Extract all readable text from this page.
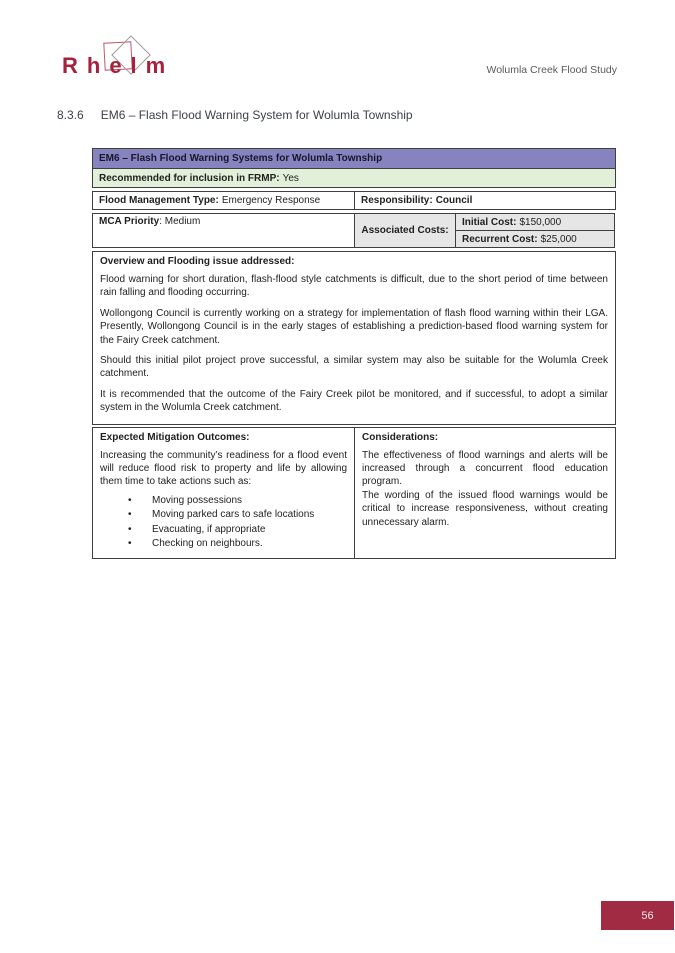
Rhelm	Wolumla Creek Flood Study
8.3.6 EM6 – Flash Flood Warning System for Wolumla Township
EM6 – Flash Flood Warning Systems for Wolumla Township
Recommended for inclusion in FRMP: Yes
Flood Management Type: Emergency Response	Responsibility: Council
MCA Priority : Medium
Associated Costs:
Initial Cost: $150,000
Recurrent Cost: $25,000
Overview and Flooding issue addressed:

Flood warning for short duration, flash-flood style catchments is difficult, due to the short period of time between rain falling and flooding occurring.

Wollongong Council is currently working on a strategy for implementation of flash flood warning within their LGA. Presently, Wollongong Council is in the early stages of establishing a prediction-based flood warning system for the Fairy Creek catchment.

Should this initial pilot project prove successful, a similar system may also be suitable for the Wolumla Creek catchment.

It is recommended that the outcome of the Fairy Creek pilot be monitored, and if successful, to adopt a similar system in the Wolumla Creek catchment.

Expected Mitigation Outcomes:

Increasing the community’s readiness for a flood event will reduce flood risk to property and life by allowing them time to take actions such as:

• Moving possessions
• Moving parked cars to safe locations
• Evacuating, if appropriate
• Checking on neighbours.
Considerations:

The effectiveness of flood warnings and alerts will be increased through a concurrent flood education program.

The wording of the issued flood warnings would be critical to increase responsiveness, without creating unnecessary alarm.

56
